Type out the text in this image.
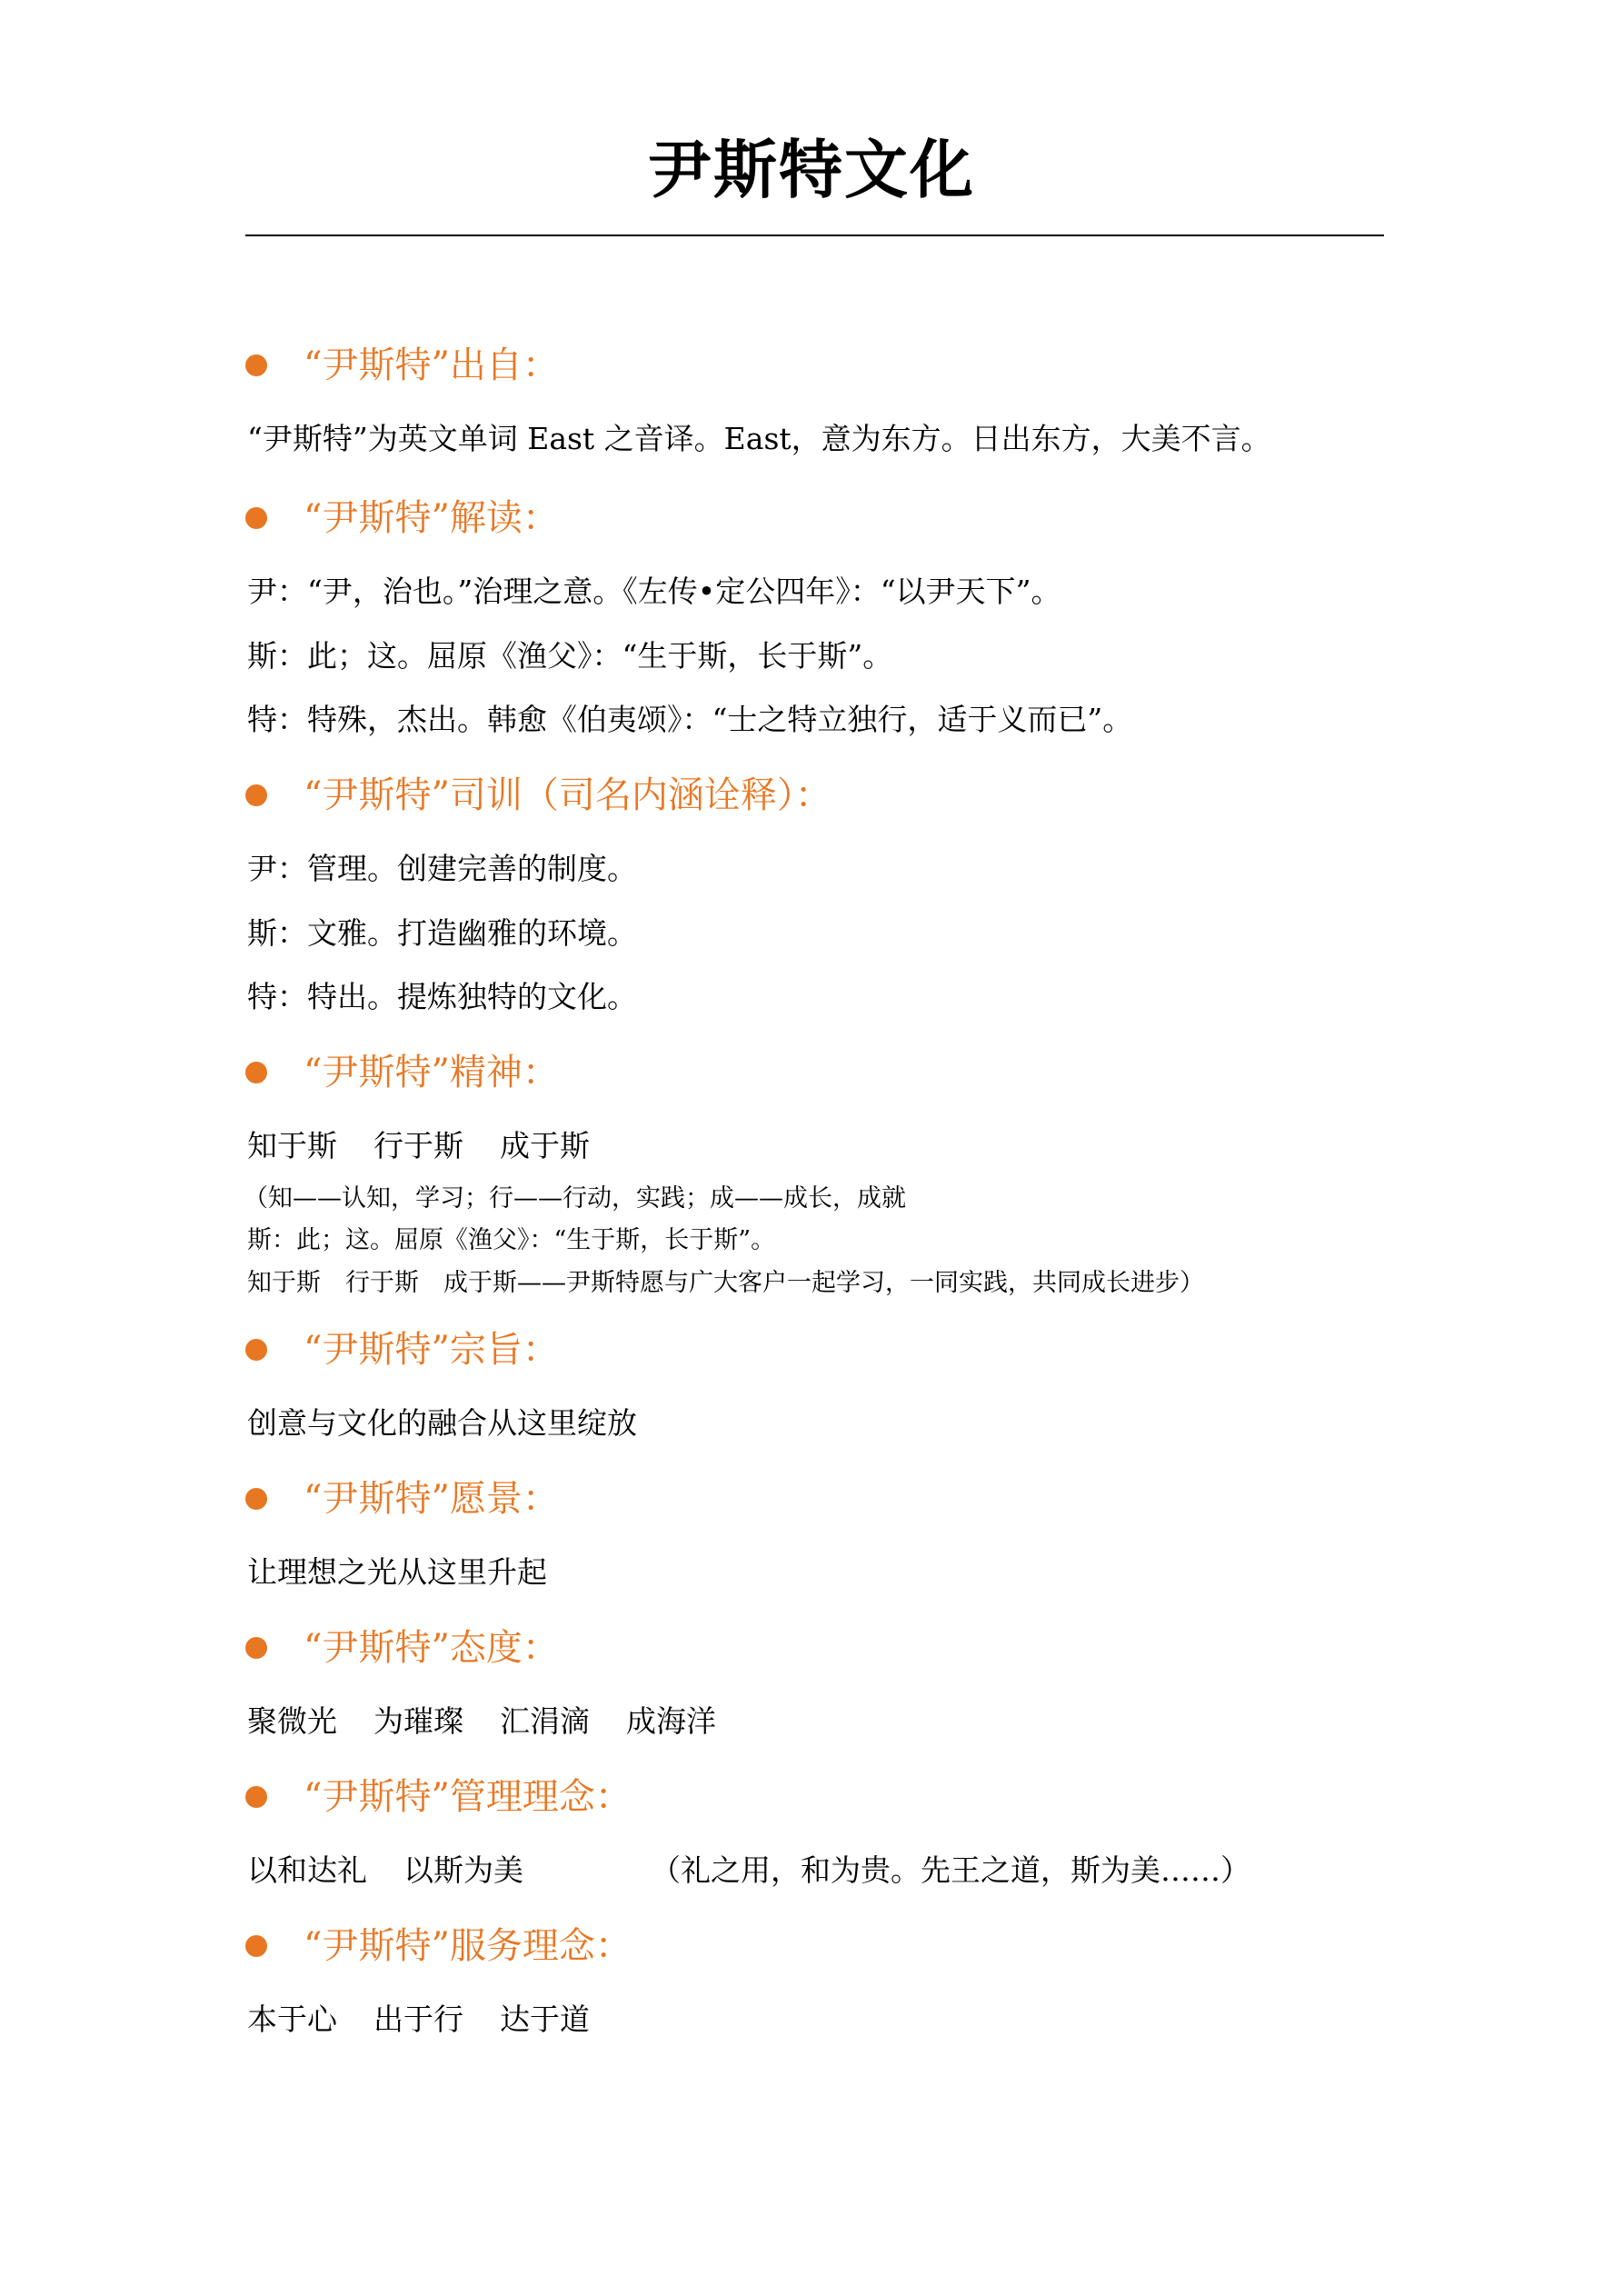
尹斯特文化
“尹斯特”出自：
“尹斯特”为英文单词 East 之音译。East，意为东方。日出东方，大美不言。
“尹斯特”解读：
尹：“尹，治也。”治理之意。《左传•定公四年》：“以尹天下”。
斯：此；这。屈原《渔父》：“生于斯，长于斯”。
特：特殊，杰出。韩愈《伯夷颂》：“士之特立独行，适于义而已”。
“尹斯特”司训（司名内涵诠释）：
尹：管理。创建完善的制度。
斯：文雅。打造幽雅的环境。
特：特出。提炼独特的文化。
“尹斯特”精神：
知于斯 行于斯 成于斯
（知——认知，学习；行——行动，实践；成——成长，成就
斯：此；这。屈原《渔父》：“生于斯，长于斯”。
知于斯　行于斯　成于斯——尹斯特愿与广大客户一起学习，一同实践，共同成长进步）
“尹斯特”宗旨：
创意与文化的融合从这里绽放
“尹斯特”愿景：
让理想之光从这里升起
“尹斯特”态度：
聚微光 为璀璨 汇涓滴 成海洋
“尹斯特”管理理念：
以和达礼 以斯为美	（礼之用，和为贵。先王之道，斯为美……）
“尹斯特”服务理念：
本于心 出于行 达于道
